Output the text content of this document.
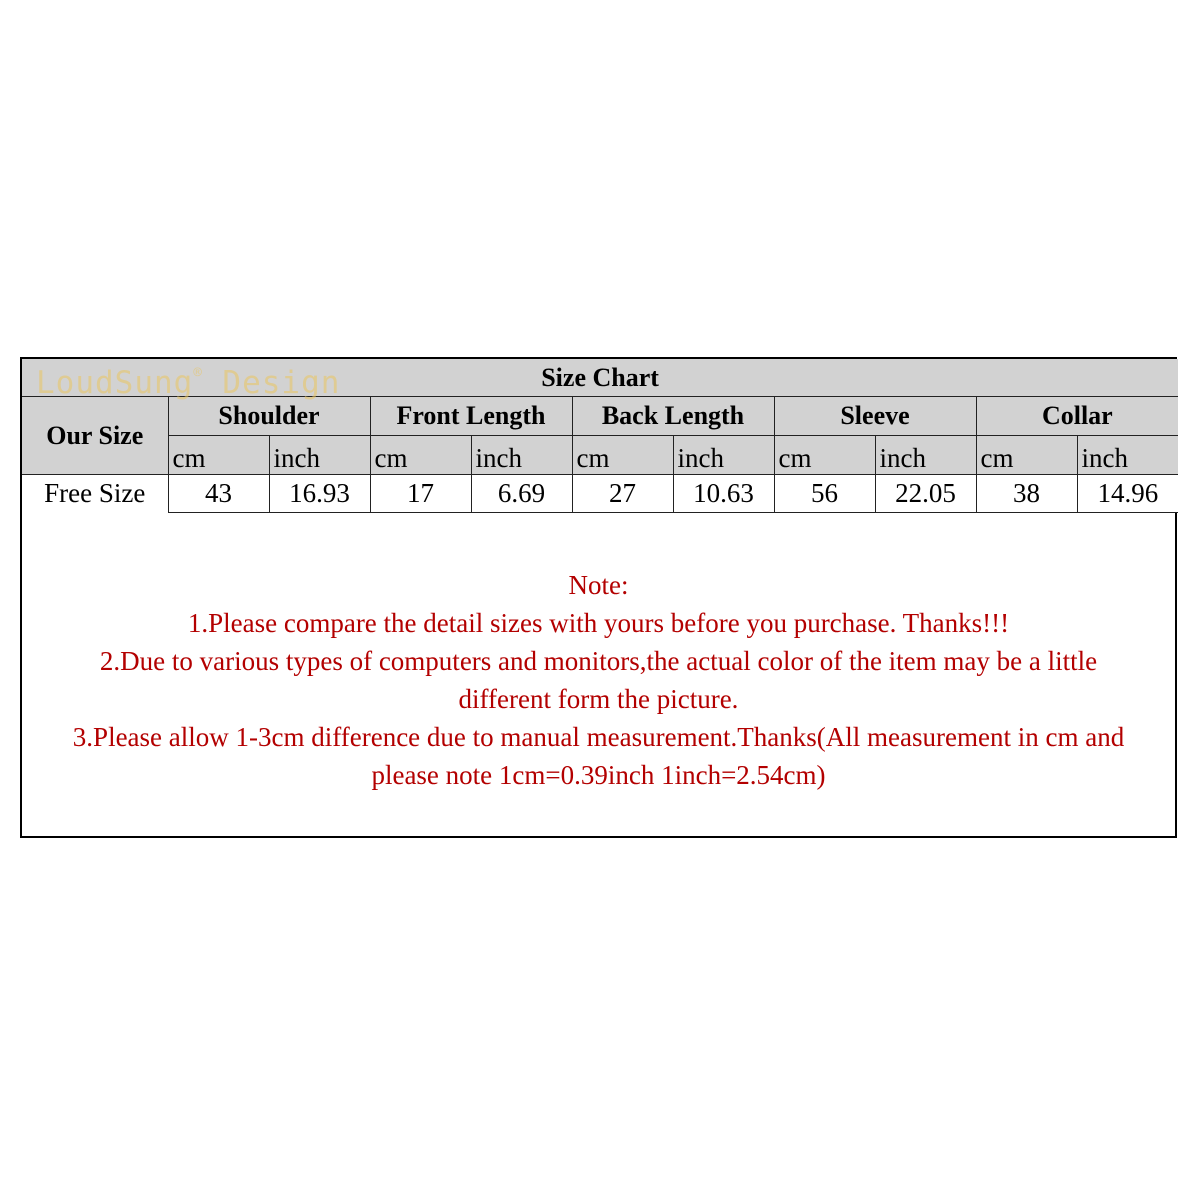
Size Chart										
Our Size	Shoulder		Front Length		Back Length		Sleeve		Collar	
	cm	inch	cm	inch	cm	inch	cm	inch	cm	inch
Free Size	43	16.93	17	6.69	27	10.63	56	22.05	38	14.96
LoudSung® Design
Note:
1.Please compare the detail sizes with yours before you purchase. Thanks!!!
2.Due to various types of computers and monitors,the actual color of the item may be a little
different form the picture.
3.Please allow 1-3cm difference due to manual measurement.Thanks(All measurement in cm and
please note 1cm=0.39inch 1inch=2.54cm)
